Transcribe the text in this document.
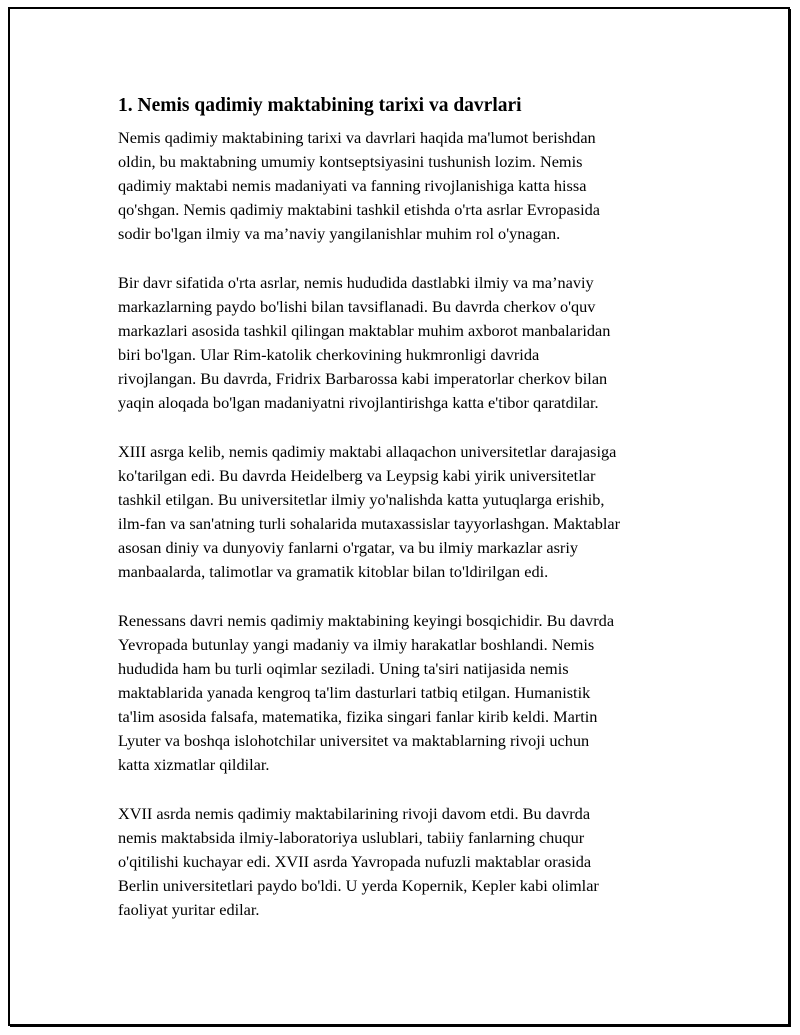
1. Nemis qadimiy maktabining tarixi va davrlari

Nemis qadimiy maktabining tarixi va davrlari haqida ma'lumot berishdan
oldin, bu maktabning umumiy kontseptsiyasini tushunish lozim. Nemis
qadimiy maktabi nemis madaniyati va fanning rivojlanishiga katta hissa
qo'shgan. Nemis qadimiy maktabini tashkil etishda o'rta asrlar Evropasida
sodir bo'lgan ilmiy va ma’naviy yangilanishlar muhim rol o'ynagan.

Bir davr sifatida o'rta asrlar, nemis hududida dastlabki ilmiy va ma’naviy
markazlarning paydo bo'lishi bilan tavsiflanadi. Bu davrda cherkov o'quv
markazlari asosida tashkil qilingan maktablar muhim axborot manbalaridan
biri bo'lgan. Ular Rim-katolik cherkovining hukmronligi davrida
rivojlangan. Bu davrda, Fridrix Barbarossa kabi imperatorlar cherkov bilan
yaqin aloqada bo'lgan madaniyatni rivojlantirishga katta e'tibor qaratdilar.

XIII asrga kelib, nemis qadimiy maktabi allaqachon universitetlar darajasiga
ko'tarilgan edi. Bu davrda Heidelberg va Leypsig kabi yirik universitetlar
tashkil etilgan. Bu universitetlar ilmiy yo'nalishda katta yutuqlarga erishib,
ilm-fan va san'atning turli sohalarida mutaxassislar tayyorlashgan. Maktablar
asosan diniy va dunyoviy fanlarni o'rgatar, va bu ilmiy markazlar asriy
manbaalarda, talimotlar va gramatik kitoblar bilan to'ldirilgan edi.

Renessans davri nemis qadimiy maktabining keyingi bosqichidir. Bu davrda
Yevropada butunlay yangi madaniy va ilmiy harakatlar boshlandi. Nemis
hududida ham bu turli oqimlar seziladi. Uning ta'siri natijasida nemis
maktablarida yanada kengroq ta'lim dasturlari tatbiq etilgan. Humanistik
ta'lim asosida falsafa, matematika, fizika singari fanlar kirib keldi. Martin
Lyuter va boshqa islohotchilar universitet va maktablarning rivoji uchun
katta xizmatlar qildilar.

XVII asrda nemis qadimiy maktabilarining rivoji davom etdi. Bu davrda
nemis maktabsida ilmiy-laboratoriya uslublari, tabiiy fanlarning chuqur
o'qitilishi kuchayar edi. XVII asrda Yavropada nufuzli maktablar orasida
Berlin universitetlari paydo bo'ldi. U yerda Kopernik, Kepler kabi olimlar
faoliyat yuritar edilar.
